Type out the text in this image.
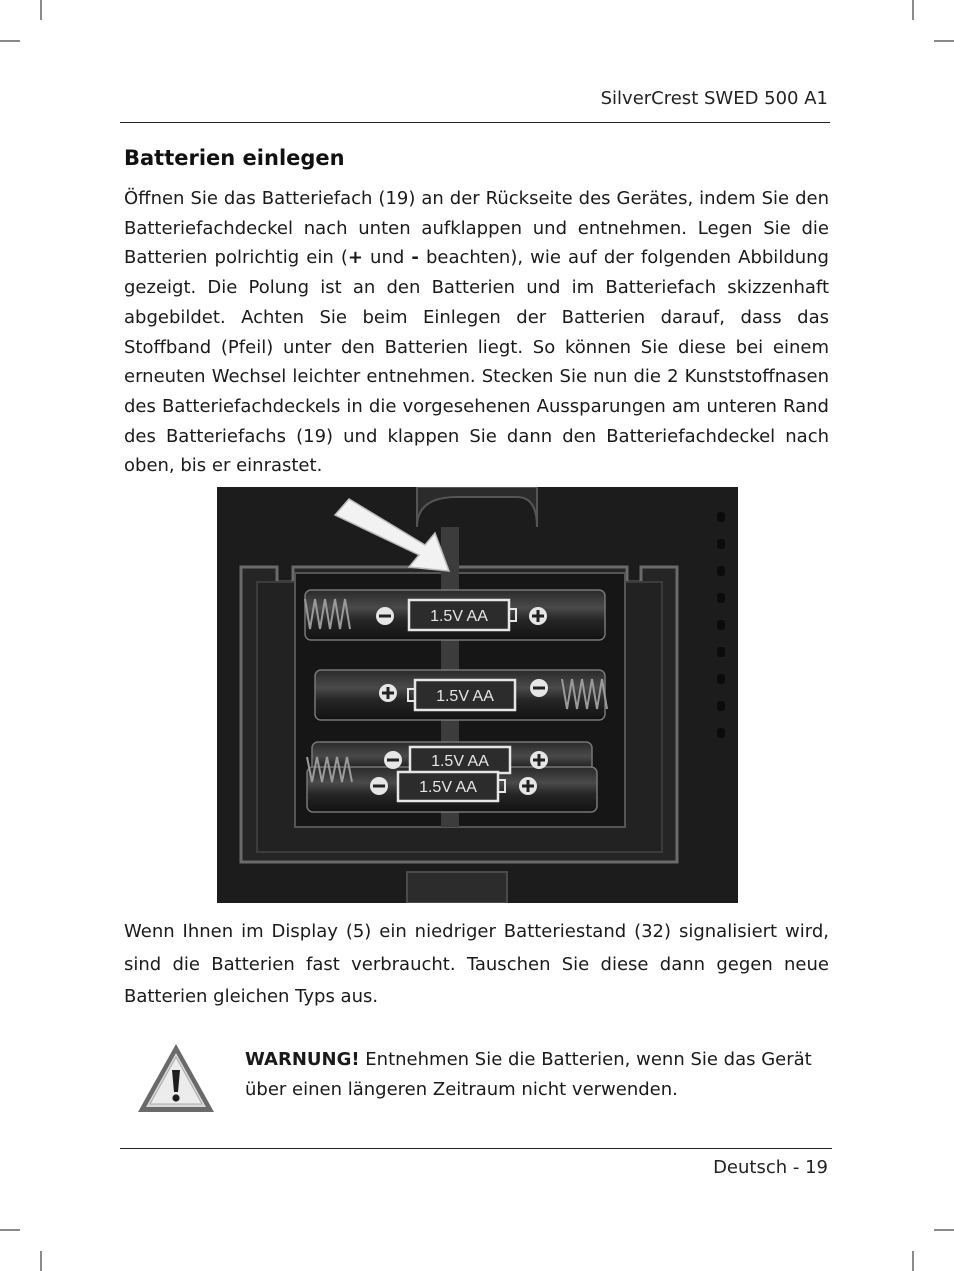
SilverCrest SWED 500 A1
Batterien einlegen

Öffnen Sie das Batteriefach (19) an der Rückseite des Gerätes, indem Sie den Batteriefachdeckel nach unten aufklappen und entnehmen. Legen Sie die Batterien polrichtig ein (+ und - beachten), wie auf der folgenden Abbildung gezeigt. Die Polung ist an den Batterien und im Batteriefach skizzenhaft abgebildet. Achten Sie beim Einlegen der Batterien darauf, dass das Stoffband (Pfeil) unter den Batterien liegt. So können Sie diese bei einem erneuten Wechsel leichter entnehmen. Stecken Sie nun die 2 Kunststoffnasen des Batteriefachdeckels in die vorgesehenen Aussparungen am unteren Rand des Batteriefachs (19) und klappen Sie dann den Batteriefachdeckel nach oben, bis er einrastet.

1.5V AA
1.5V AA
1.5V AA
1.5V AA

Wenn Ihnen im Display (5) ein niedriger Batteriestand (32) signalisiert wird, sind die Batterien fast verbraucht. Tauschen Sie diese dann gegen neue Batterien gleichen Typs aus.

WARNUNG! Entnehmen Sie die Batterien, wenn Sie das Gerät über einen längeren Zeitraum nicht verwenden.

Deutsch - 19
